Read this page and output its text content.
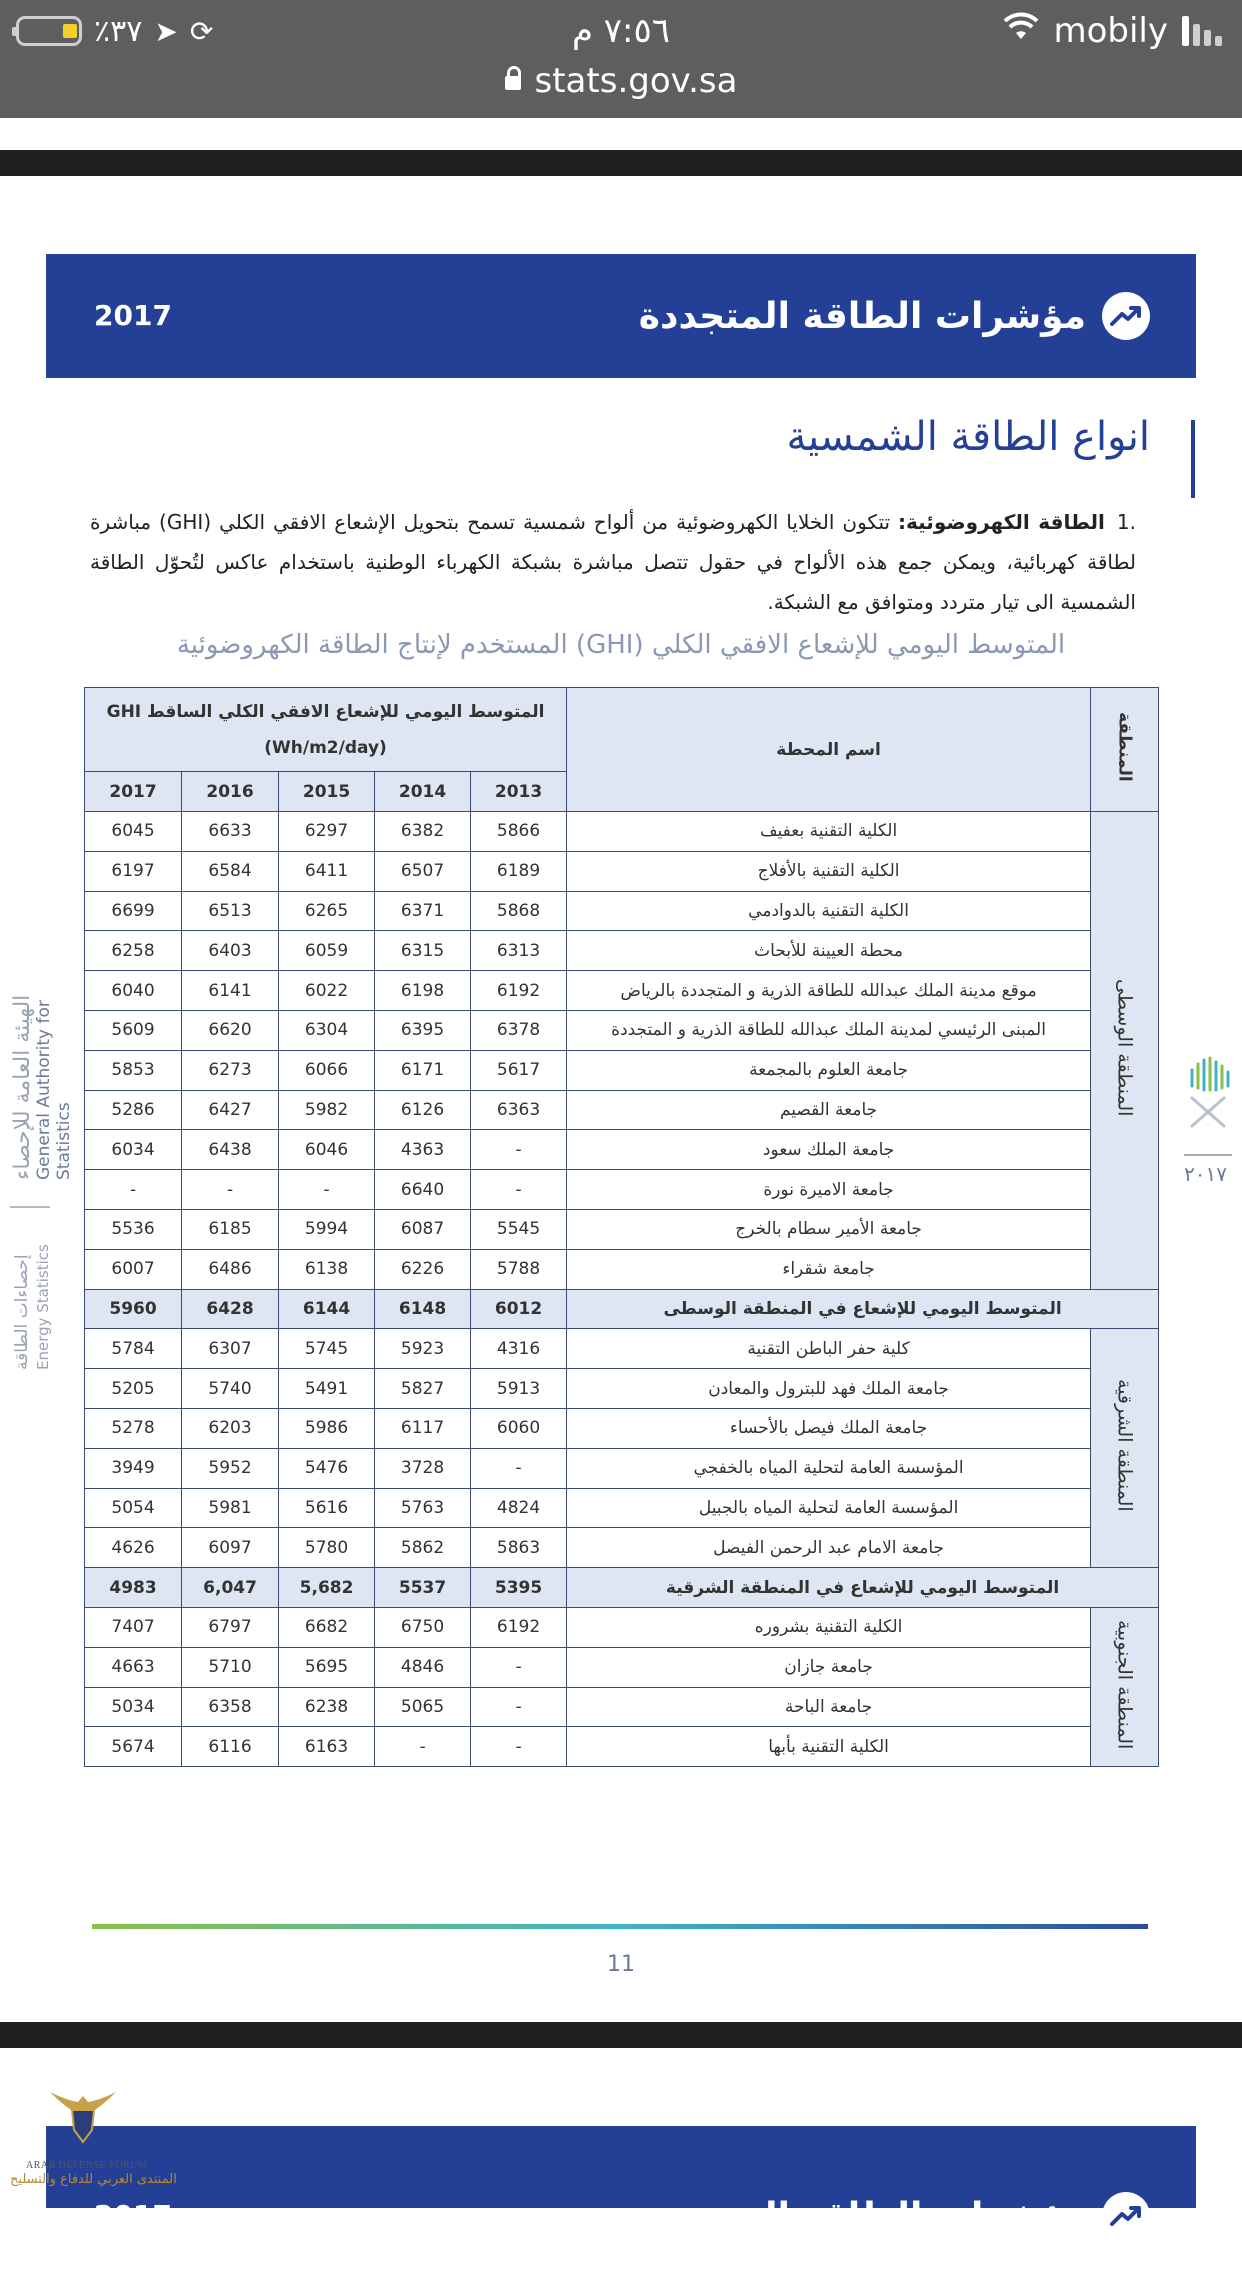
٪٣٧ ➤ ⟳	٧:٥٦ م	mobily
stats.gov.sa
2017	مؤشرات الطاقة المتجددة
انواع الطاقة الشمسية
.1الطاقة الكهروضوئية: تتكون الخلايا الكهروضوئية من ألواح شمسية تسمح بتحويل الإشعاع الافقي الكلي (GHI) مباشرة لطاقة كهربائية، ويمكن جمع هذه الألواح في حقول تتصل مباشرة بشبكة الكهرباء الوطنية باستخدام عاكس لتُحوّل الطاقة الشمسية الى تيار متردد ومتوافق مع الشبكة.
المتوسط اليومي للإشعاع الافقي الكلي (GHI) المستخدم لإنتاج الطاقة الكهروضوئية
المنطقة	اسم المحطة	المتوسط اليومي للإشعاع الافقي الكلي الساقط GHI
(Wh/m2/day)				

		2013	2014	2015	2016	2017
المنطقة الوسطى	الكلية التقنية بعفيف	5866	6382	6297	6633	6045
	الكلية التقنية بالأفلاج	6189	6507	6411	6584	6197
	الكلية التقنية بالدوادمي	5868	6371	6265	6513	6699
	محطة العيينة للأبحاث	6313	6315	6059	6403	6258
	موقع مدينة الملك عبدالله للطاقة الذرية و المتجددة بالرياض	6192	6198	6022	6141	6040
	المبنى الرئيسي لمدينة الملك عبدالله للطاقة الذرية و المتجددة	6378	6395	6304	6620	5609
	جامعة العلوم بالمجمعة	5617	6171	6066	6273	5853
	جامعة القصيم	6363	6126	5982	6427	5286
	جامعة الملك سعود	-	4363	6046	6438	6034
	جامعة الاميرة نورة	-	6640	-	-	-
	جامعة الأمير سطام بالخرج	5545	6087	5994	6185	5536
	جامعة شقراء	5788	6226	6138	6486	6007
المتوسط اليومي للإشعاع في المنطقة الوسطى		6012	6148	6144	6428	5960
المنطقة الشرقية	كلية حفر الباطن التقنية	4316	5923	5745	6307	5784
	جامعة الملك فهد للبترول والمعادن	5913	5827	5491	5740	5205
	جامعة الملك فيصل بالأحساء	6060	6117	5986	6203	5278
	المؤسسة العامة لتحلية المياه بالخفجي	-	3728	5476	5952	3949
	المؤسسة العامة لتحلية المياه بالجبيل	4824	5763	5616	5981	5054
	جامعة الامام عبد الرحمن الفيصل	5863	5862	5780	6097	4626
المتوسط اليومي للإشعاع في المنطقة الشرقية		5395	5537	5,682	6,047	4983
المنطقة الجنوبية	الكلية التقنية بشروره	6192	6750	6682	6797	7407
	جامعة جازان	-	4846	5695	5710	4663
	جامعة الباحة	-	5065	6238	6358	5034
	الكلية التقنية بأبها	-	-	6163	6116	5674
الهيئة العامة للإحصاء General Authority for Statistics
إحصاءات الطاقة Energy Statistics
٢٠١٧
11
2017	مؤشرات الطاقة المتجددة
ARAB DEFENSE FORUM
المنتدى العربي للدفاع والتسليح
